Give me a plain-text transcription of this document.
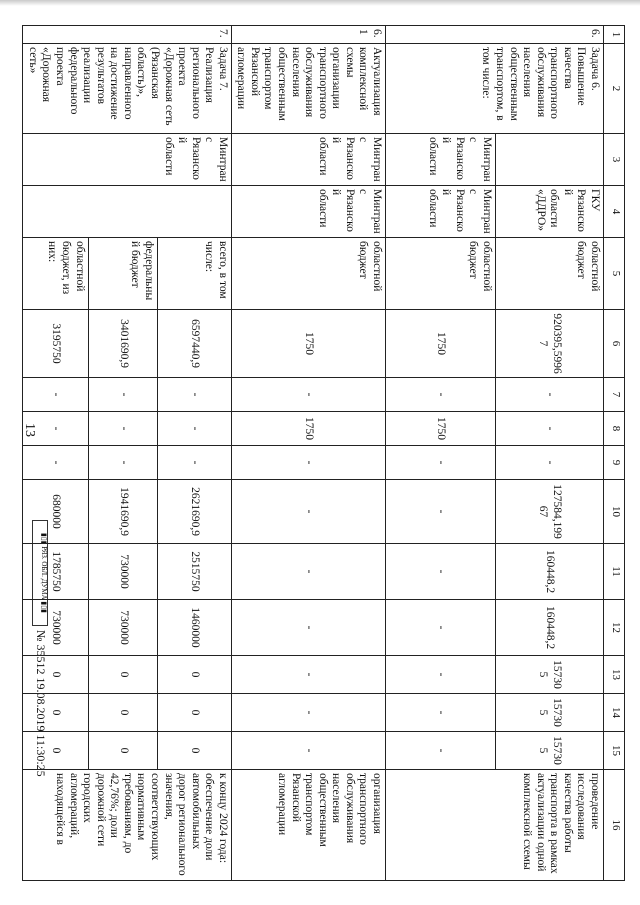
13
▮▯▮ РЯЗ. ОБЛ. ДУМА ▮▯▮
№ 35512 19.08.2019 11:30:25
1	2	3	4	5	6	7	8	9	10	11	12	13	14	15	16
6.	Задача 6. Повышение качества транспортного обслуживания населения общественным транспортом, в том числе:		ГКУ Рязанской области «ДДРО»	областной бюджет	920395,59967	-	-	-	127584,19967	160448,2	160448,2	157305	157305	157305	проведение исследования качества работы транспорта в рамках актуализации одной комплексной схемы
		Минтранс Рязанской области	Минтранс Рязанской области	областной бюджет	1750	-	1750	-	-	-	-	-	-	-	
6.1	Актуализация комплексной схемы организации транспортного обслуживания населения общественным транспортом Рязанской агломерации	Минтранс Рязанской области	Минтранс Рязанской области	областной бюджет	1750	-	1750	-	-	-	-	-	-	-	организация транспортного обслуживания населения общественным транспортом Рязанской агломерации
7.	Задача 7. Реализация регионального проекта «Дорожная сеть (Рязанская область)», направленного на достижение результатов реализации федерального проекта «Дорожная сеть»	Минтранс Рязанской области		всего, в том числе:	6597440,9	-	-	-	2621690,9	2515750	1460000	0	0	0	к концу 2024 года: обеспечение доли автомобильных дорог регионального значения, соответствующих нормативным требованиям, до 42,76%; доли дорожной сети городских агломераций, находящейся в
				федеральный бюджет	3401690,9	-	-	-	1941690,9	730000	730000	0	0	0	
				областной бюджет, из них:	3195750	-	-	-	680000	1785750	730000	0	0	0	
